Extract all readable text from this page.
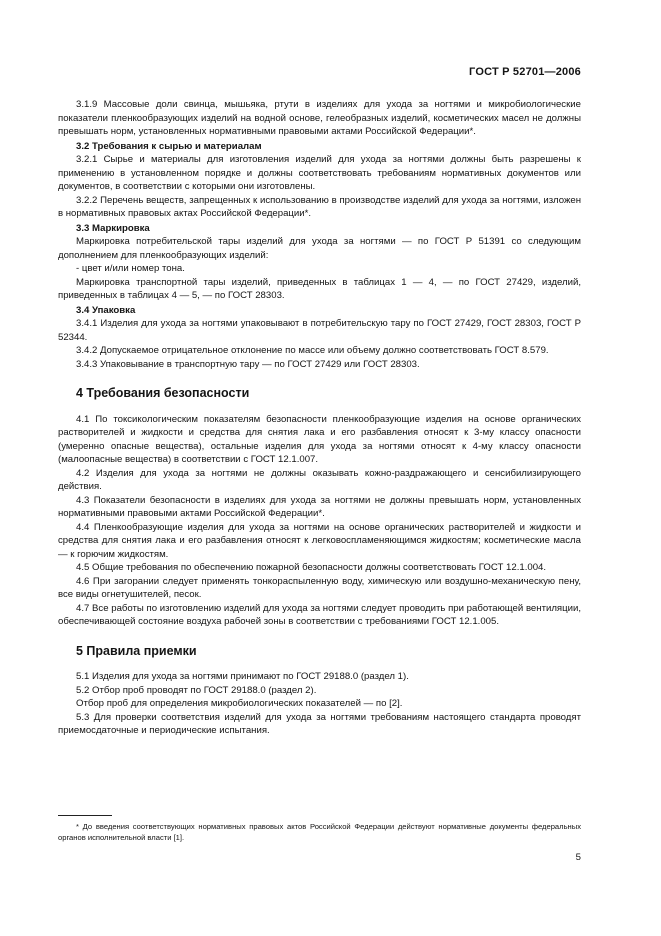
ГОСТ Р 52701—2006

3.1.9 Массовые доли свинца, мышьяка, ртути в изделиях для ухода за ногтями и микробиологические показатели пленкообразующих изделий на водной основе, гелеобразных изделий, косметических масел не должны превышать норм, установленных нормативными правовыми актами Российской Федерации*.

3.2 Требования к сырью и материалам

3.2.1 Сырье и материалы для изготовления изделий для ухода за ногтями должны быть разрешены к применению в установленном порядке и должны соответствовать требованиям нормативных документов или документов, в соответствии с которыми они изготовлены.

3.2.2 Перечень веществ, запрещенных к использованию в производстве изделий для ухода за ногтями, изложен в нормативных правовых актах Российской Федерации*.

3.3 Маркировка

Маркировка потребительской тары изделий для ухода за ногтями — по ГОСТ Р 51391 со следующим дополнением для пленкообразующих изделий:

- цвет и/или номер тона.

Маркировка транспортной тары изделий, приведенных в таблицах 1 — 4, — по ГОСТ 27429, изделий, приведенных в таблицах 4 — 5, — по ГОСТ 28303.

3.4 Упаковка

3.4.1 Изделия для ухода за ногтями упаковывают в потребительскую тару по ГОСТ 27429, ГОСТ 28303, ГОСТ Р 52344.

3.4.2 Допускаемое отрицательное отклонение по массе или объему должно соответствовать ГОСТ 8.579.

3.4.3 Упаковывание в транспортную тару — по ГОСТ 27429 или ГОСТ 28303.

4 Требования безопасности

4.1 По токсикологическим показателям безопасности пленкообразующие изделия на основе органических растворителей и жидкости и средства для снятия лака и его разбавления относят к 3-му классу опасности (умеренно опасные вещества), остальные изделия для ухода за ногтями относят к 4-му классу опасности (малоопасные вещества) в соответствии с ГОСТ 12.1.007.

4.2 Изделия для ухода за ногтями не должны оказывать кожно-раздражающего и сенсибилизирующего действия.

4.3 Показатели безопасности в изделиях для ухода за ногтями не должны превышать норм, установленных нормативными правовыми актами Российской Федерации*.

4.4 Пленкообразующие изделия для ухода за ногтями на основе органических растворителей и жидкости и средства для снятия лака и его разбавления относят к легковоспламеняющимся жидкостям; косметические масла — к горючим жидкостям.

4.5 Общие требования по обеспечению пожарной безопасности должны соответствовать ГОСТ 12.1.004.

4.6 При загорании следует применять тонкораспыленную воду, химическую или воздушно-механическую пену, все виды огнетушителей, песок.

4.7 Все работы по изготовлению изделий для ухода за ногтями следует проводить при работающей вентиляции, обеспечивающей состояние воздуха рабочей зоны в соответствии с требованиями ГОСТ 12.1.005.

5 Правила приемки

5.1 Изделия для ухода за ногтями принимают по ГОСТ 29188.0 (раздел 1).

5.2 Отбор проб проводят по ГОСТ 29188.0 (раздел 2).

Отбор проб для определения микробиологических показателей — по [2].

5.3 Для проверки соответствия изделий для ухода за ногтями требованиям настоящего стандарта проводят приемосдаточные и периодические испытания.

* До введения соответствующих нормативных правовых актов Российской Федерации действуют нормативные документы федеральных органов исполнительной власти [1].
5
